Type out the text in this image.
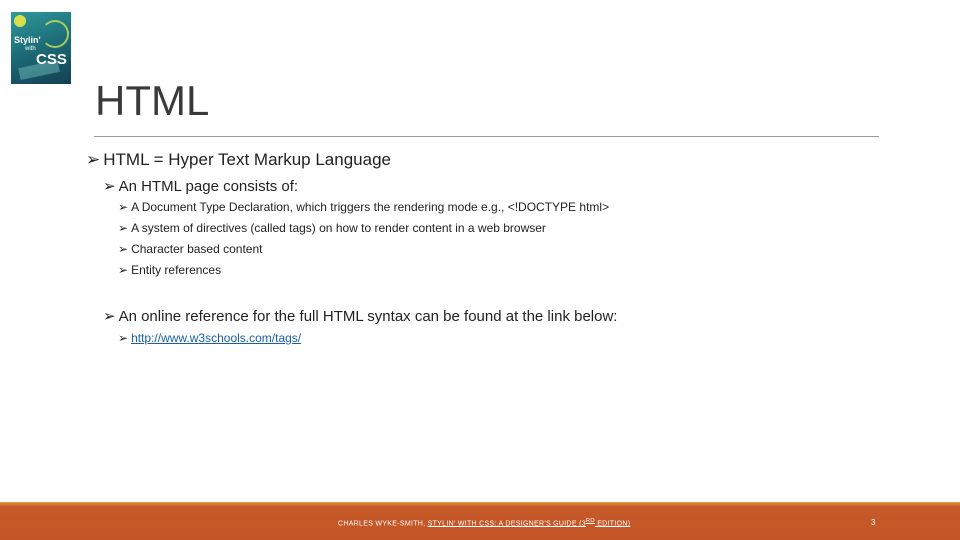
Stylin'
with
CSS
HTML
➢ HTML = Hyper Text Markup Language
➢ An HTML page consists of:
➢ A Document Type Declaration, which triggers the rendering mode e.g., <!DOCTYPE html>
➢ A system of directives (called tags) on how to render content in a web browser
➢ Character based content
➢ Entity references
➢ An online reference for the full HTML syntax can be found at the link below:
➢ http://www.w3schools.com/tags/
CHARLES WYKE-SMITH, STYLIN' WITH CSS: A DESIGNER'S GUIDE (3RD EDITION)	3
